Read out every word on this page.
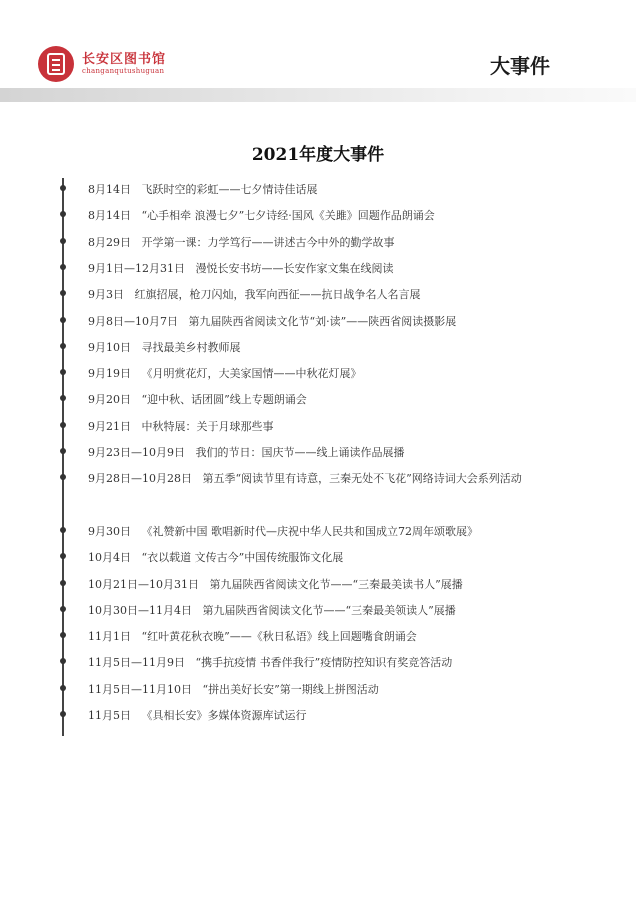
长安区图书馆
changanqutushuguan	大事件
2021年度大事件
8月14日 飞跃时空的彩虹——七夕情诗佳话展
8月14日 “心手相牵 浪漫七夕”七夕诗经·国风《关雎》回题作品朗诵会
8月29日 开学第一课：力学笃行——讲述古今中外的勤学故事
9月1日—12月31日 漫悦长安书坊——长安作家文集在线阅读
9月3日 红旗招展，枪刀闪灿，我军向西征——抗日战争名人名言展
9月8日—10月7日 第九届陕西省阅读文化节“刘·读”——陕西省阅读摄影展
9月10日 寻找最美乡村教师展
9月19日 《月明赏花灯，大美家国情——中秋花灯展》
9月20日 “迎中秋、话团圆”线上专题朗诵会
9月21日 中秋特展：关于月球那些事
9月23日—10月9日 我们的节日：国庆节——线上诵读作品展播
9月28日—10月28日 第五季“阅读节里有诗意，三秦无处不飞花”网络诗词大会系列活动
9月30日 《礼赞新中国 歌唱新时代—庆祝中华人民共和国成立72周年颂歌展》
10月4日 “衣以载道 文传古今”中国传统服饰文化展
10月21日—10月31日 第九届陕西省阅读文化节——“三秦最美读书人”展播
10月30日—11月4日 第九届陕西省阅读文化节——“三秦最美领读人”展播
11月1日 “红叶黄花秋衣晚”——《秋日私语》线上回题嘴食朗诵会
11月5日—11月9日 “携手抗疫情 书香伴我行”疫情防控知识有奖竞答活动
11月5日—11月10日 “拼出美好长安”第一期线上拼图活动
11月5日 《具相长安》多媒体资源库试运行
